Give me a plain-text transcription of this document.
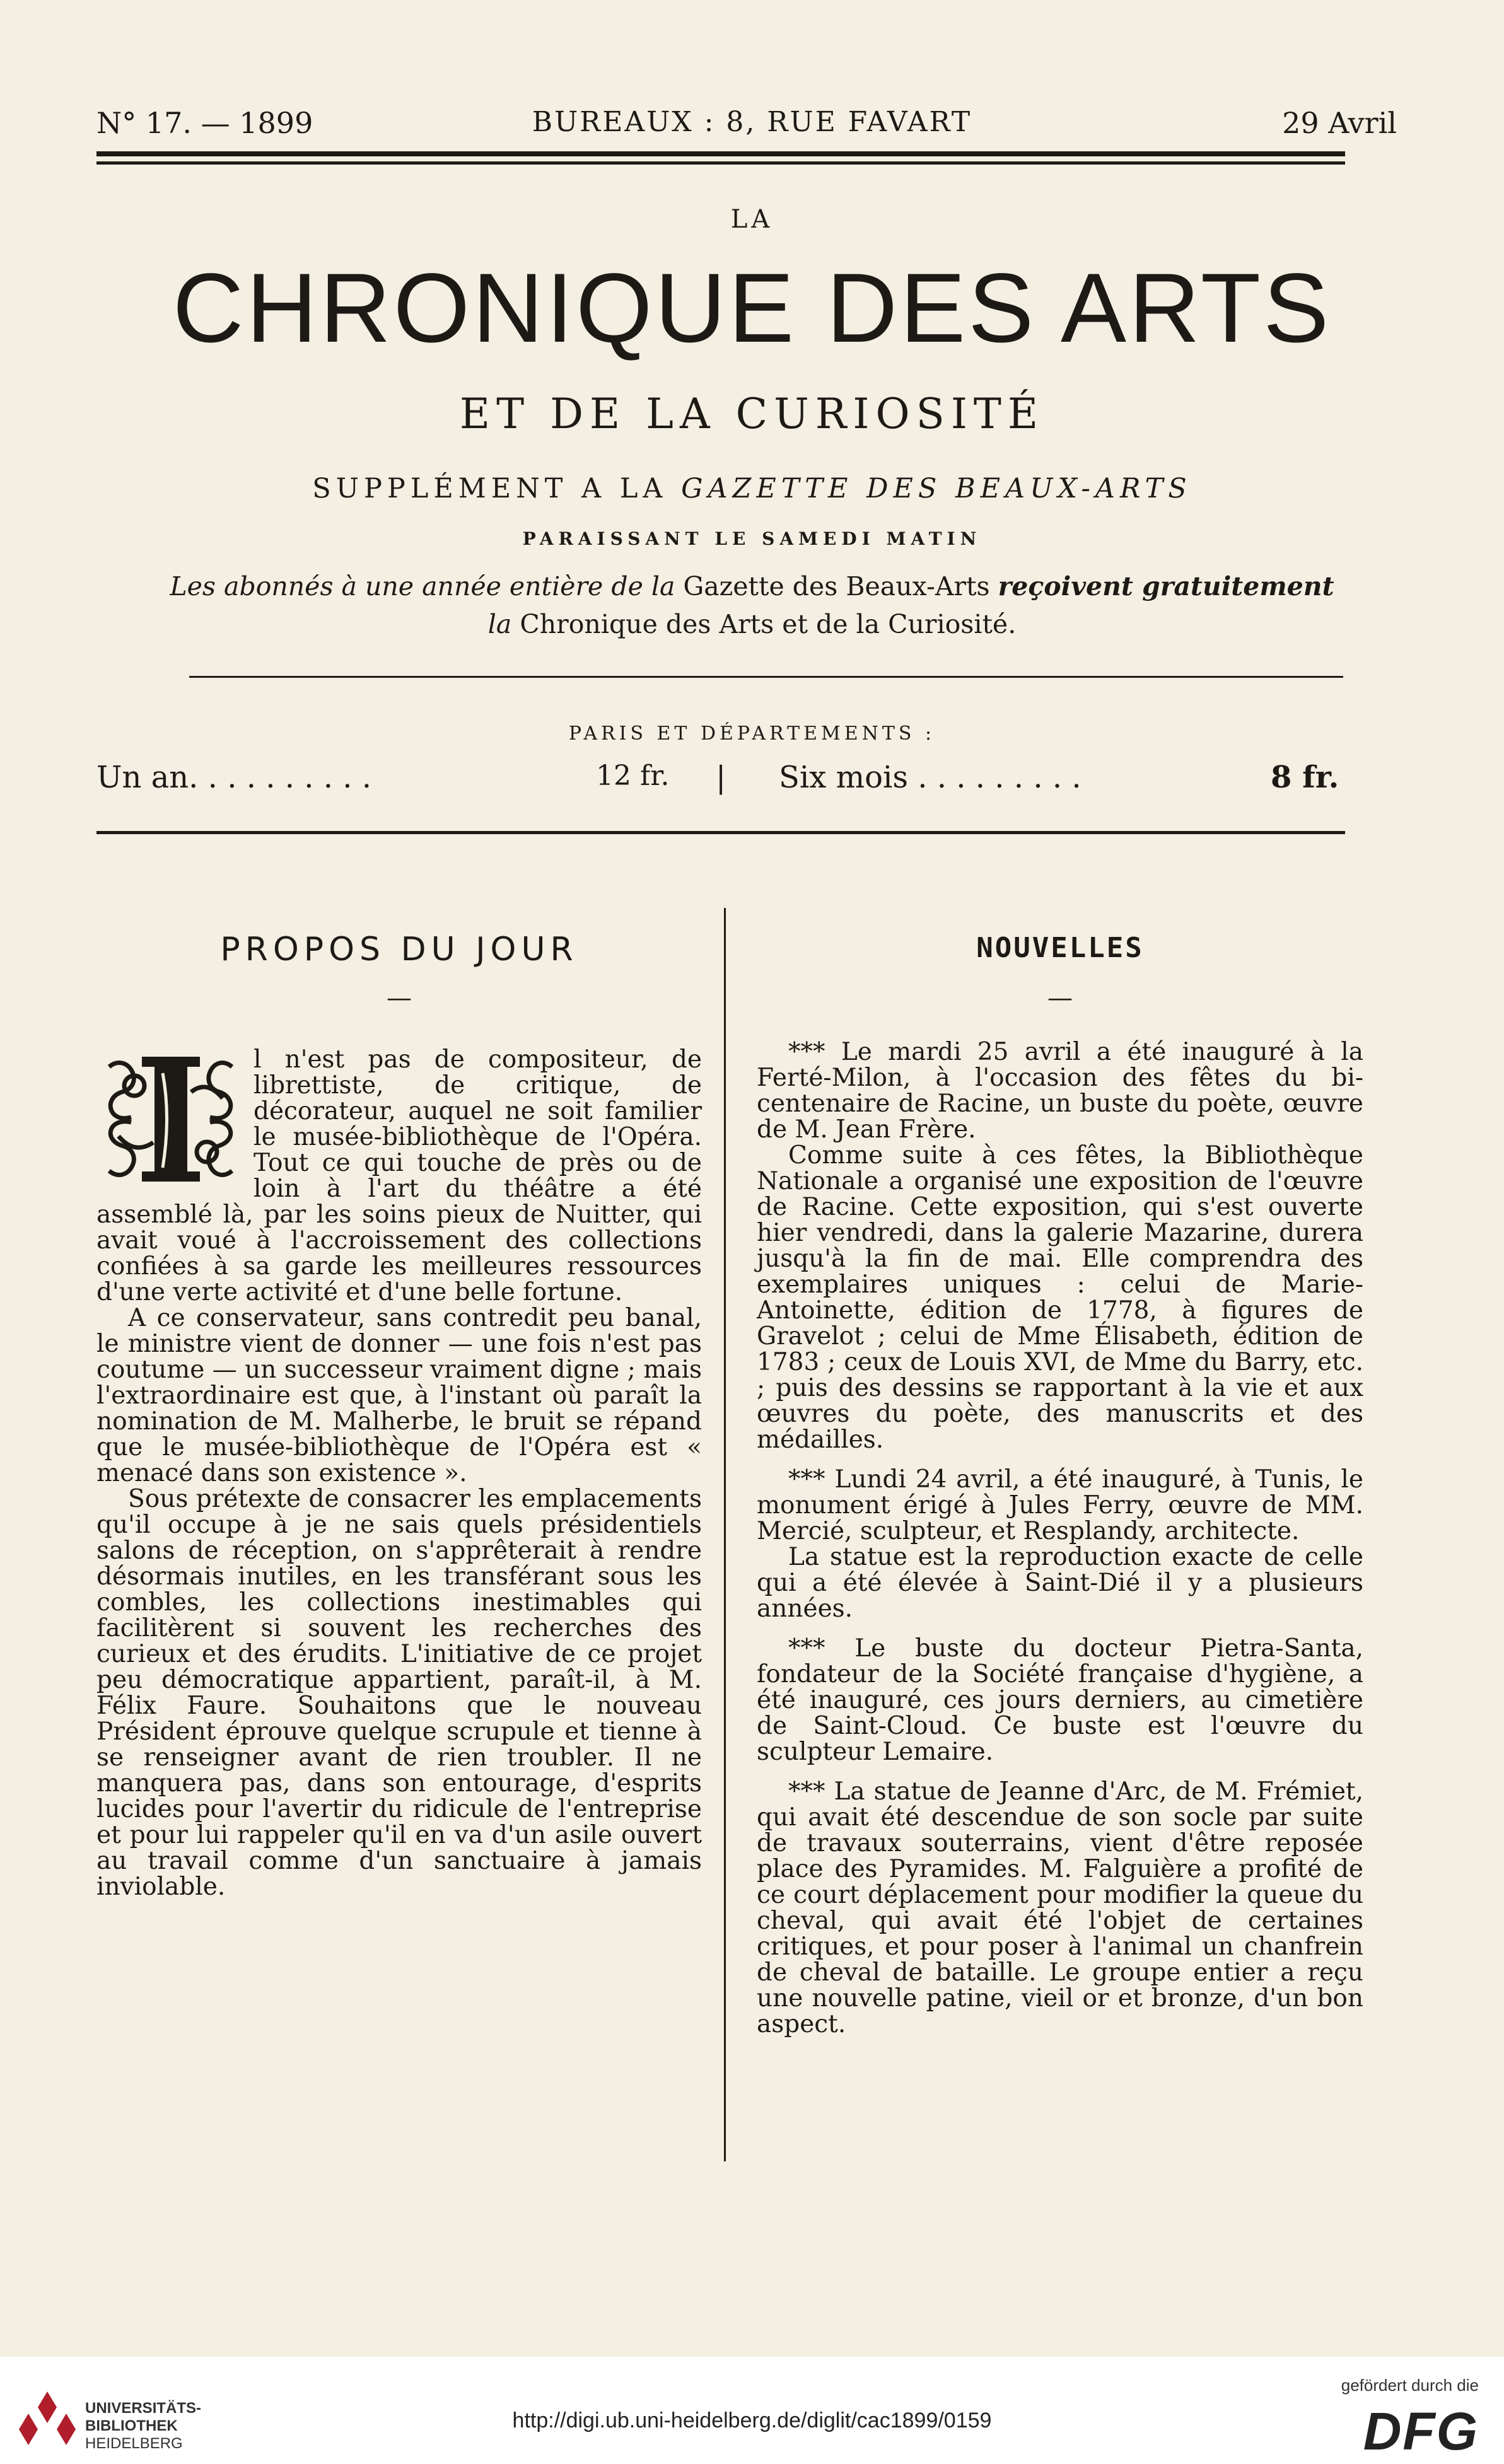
N° 17. — 1899	BUREAUX : 8, RUE FAVART	29 Avril
LA
CHRONIQUE DES ARTS
ET DE LA CURIOSITÉ
SUPPLÉMENT A LA GAZETTE DES BEAUX-ARTS
PARAISSANT LE SAMEDI MATIN
Les abonnés à une année entière de la Gazette des Beaux-Arts reçoivent gratuitement
la Chronique des Arts et de la Curiosité.
PARIS ET DÉPARTEMENTS :
Un an. . . . . . . . . .	12 fr. | Six mois . . . . . . . . .	8 fr.
PROPOS DU JOUR
—

l n'est pas de compositeur, de librettiste, de critique, de décorateur, auquel ne soit familier le musée-bibliothèque de l'Opéra. Tout ce qui touche de près ou de loin à l'art du théâtre a été assemblé là, par les soins pieux de Nuitter, qui avait voué à l'accroissement des collections confiées à sa garde les meilleures ressources d'une verte activité et d'une belle fortune.

A ce conservateur, sans contredit peu banal, le ministre vient de donner — une fois n'est pas coutume — un successeur vraiment digne ; mais l'extraordinaire est que, à l'instant où paraît la nomination de M. Malherbe, le bruit se répand que le musée-bibliothèque de l'Opéra est « menacé dans son existence ».

Sous prétexte de consacrer les emplacements qu'il occupe à je ne sais quels présidentiels salons de réception, on s'apprêterait à rendre désormais inutiles, en les transférant sous les combles, les collections inestimables qui facilitèrent si souvent les recherches des curieux et des érudits. L'initiative de ce projet peu démocratique appartient, paraît-il, à M. Félix Faure. Souhaitons que le nouveau Président éprouve quelque scrupule et tienne à se renseigner avant de rien troubler. Il ne manquera pas, dans son entourage, d'esprits lucides pour l'avertir du ridicule de l'entreprise et pour lui rappeler qu'il en va d'un asile ouvert au travail comme d'un sanctuaire à jamais inviolable.

NOUVELLES
—

*** Le mardi 25 avril a été inauguré à la Ferté-Milon, à l'occasion des fêtes du bi-centenaire de Racine, un buste du poète, œuvre de M. Jean Frère.

Comme suite à ces fêtes, la Bibliothèque Nationale a organisé une exposition de l'œuvre de Racine. Cette exposition, qui s'est ouverte hier vendredi, dans la galerie Mazarine, durera jusqu'à la fin de mai. Elle comprendra des exemplaires uniques : celui de Marie-Antoinette, édition de 1778, à figures de Gravelot ; celui de Mme Élisabeth, édition de 1783 ; ceux de Louis XVI, de Mme du Barry, etc. ; puis des dessins se rapportant à la vie et aux œuvres du poète, des manuscrits et des médailles.

*** Lundi 24 avril, a été inauguré, à Tunis, le monument érigé à Jules Ferry, œuvre de MM. Mercié, sculpteur, et Resplandy, architecte.

La statue est la reproduction exacte de celle qui a été élevée à Saint-Dié il y a plusieurs années.

*** Le buste du docteur Pietra-Santa, fondateur de la Société française d'hygiène, a été inauguré, ces jours derniers, au cimetière de Saint-Cloud. Ce buste est l'œuvre du sculpteur Lemaire.

*** La statue de Jeanne d'Arc, de M. Frémiet, qui avait été descendue de son socle par suite de travaux souterrains, vient d'être reposée place des Pyramides. M. Falguière a profité de ce court déplacement pour modifier la queue du cheval, qui avait été l'objet de certaines critiques, et pour poser à l'animal un chanfrein de cheval de bataille. Le groupe entier a reçu une nouvelle patine, vieil or et bronze, d'un bon aspect.

UNIVERSITÄTS-
BIBLIOTHEK
HEIDELBERG
http://digi.ub.uni-heidelberg.de/diglit/cac1899/0159
gefördert durch die
DFG
